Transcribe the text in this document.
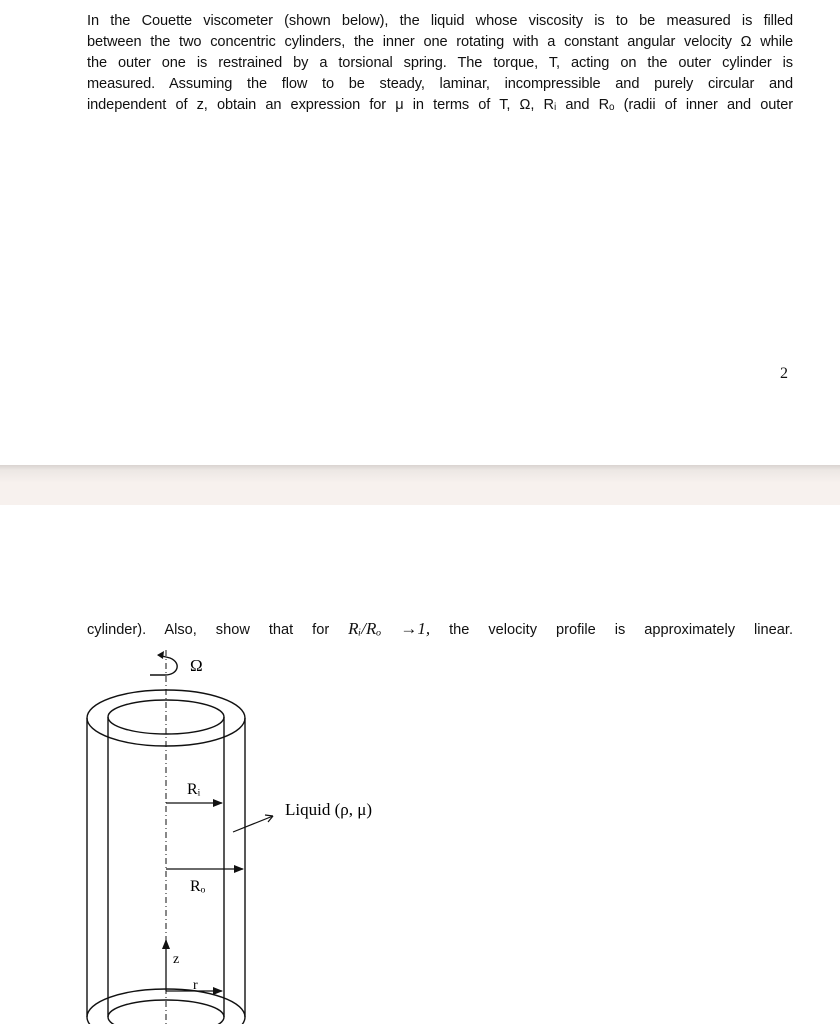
In the Couette viscometer (shown below), the liquid whose viscosity is to be measured is filled
between the two concentric cylinders, the inner one rotating with a constant angular velocity Ω while
the outer one is restrained by a torsional spring. The torque, T, acting on the outer cylinder is
measured. Assuming the flow to be steady, laminar, incompressible and purely circular and
independent of z, obtain an expression for μ in terms of T, Ω, Rᵢ and Rₒ (radii of inner and outer
2
cylinder). Also, show that for Rᵢ/Rₒ →1, the velocity profile is approximately linear.
Ω
Rᵢ
Rₒ
Liquid (ρ, μ)
z
r
